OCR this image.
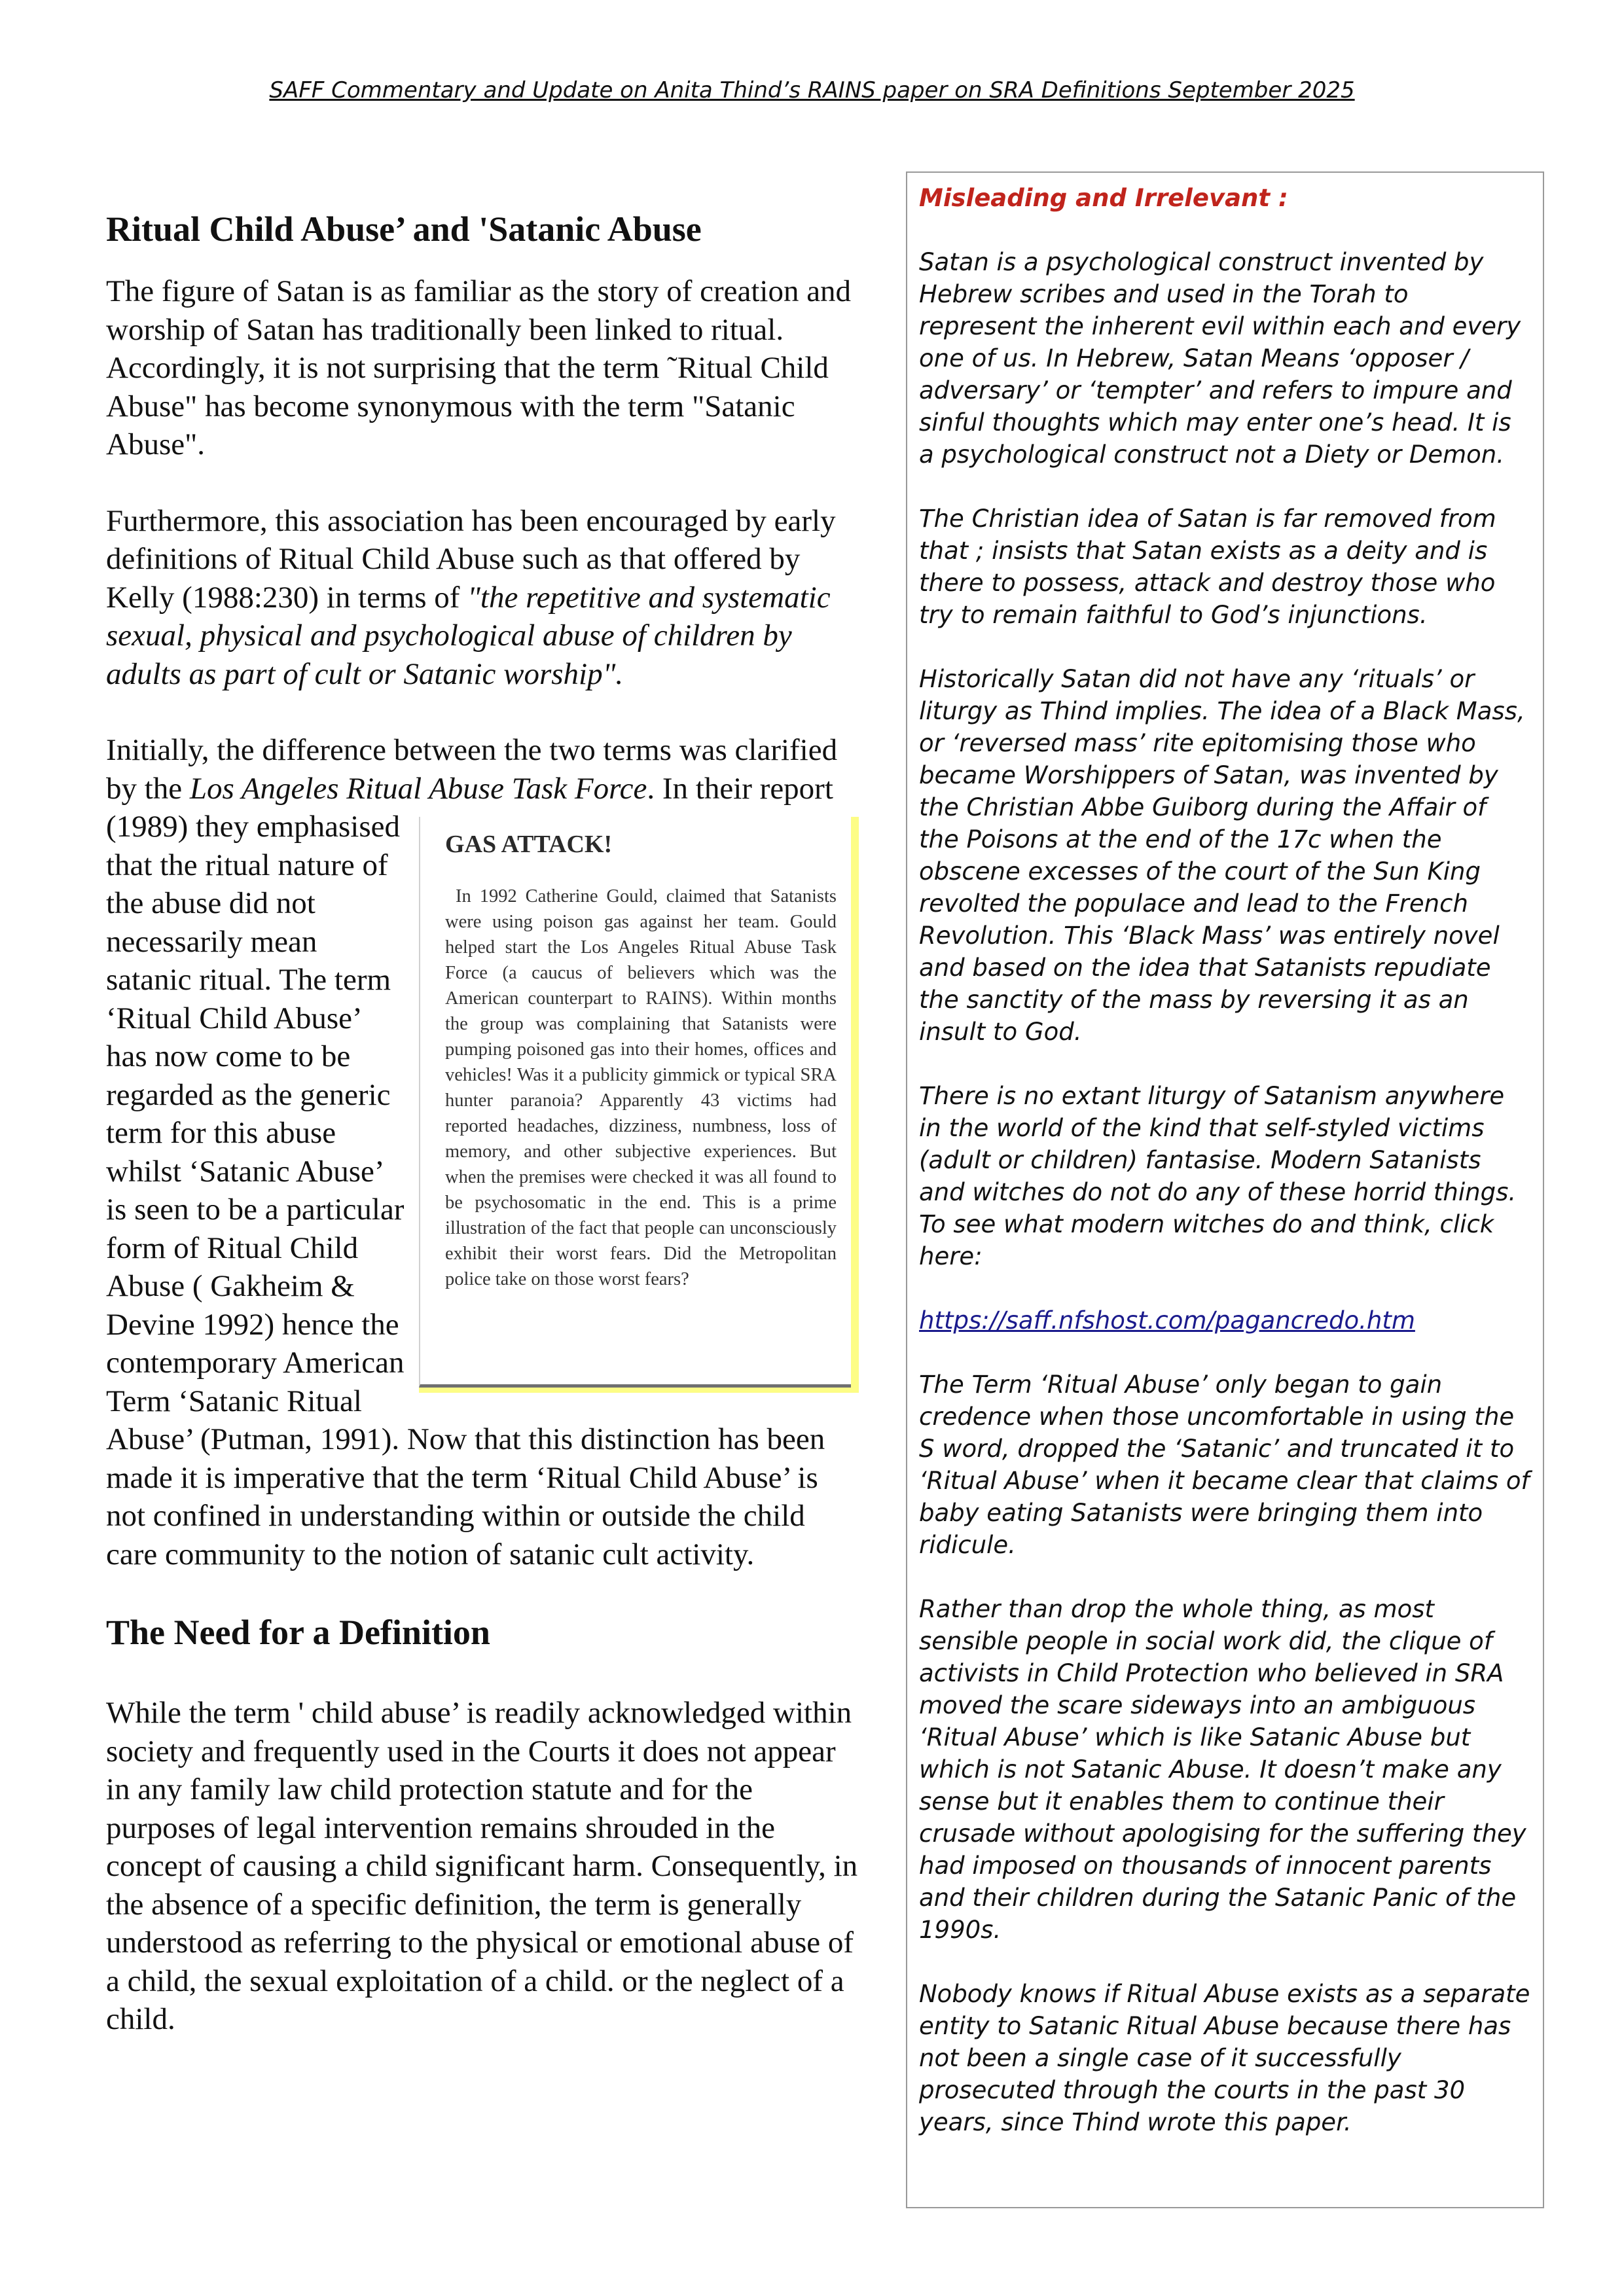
SAFF Commentary and Update on Anita Thind’s RAINS paper on SRA Definitions September 2025
Ritual Child Abuse’ and 'Satanic Abuse

The figure of Satan is as familiar as the story of creation and worship of Satan has traditionally been linked to ritual. Accordingly, it is not surprising that the term ˜Ritual Child Abuse" has become synonymous with the term "Satanic Abuse".

Furthermore, this association has been encouraged by early definitions of Ritual Child Abuse such as that offered by Kelly (1988:230) in terms of "the repetitive and systematic sexual, physical and psychological abuse of children by adults as part of cult or Satanic worship".

Initially, the difference between the two terms was clarified by the Los Angeles Ritual Abuse Task Force
GAS ATTACK!

In 1992 Catherine Gould, claimed that Satanists were using poison gas against her team. Gould helped start the Los Angeles Ritual Abuse Task Force (a caucus of believers which was the American counterpart to RAINS). Within months the group was complaining that Satanists were pumping poisoned gas into their homes, offices and vehicles! Was it a publicity gimmick or typical SRA hunter paranoia? Apparently 43 victims had reported headaches, dizziness, numbness, loss of memory, and other subjective experiences. But when the premises were checked it was all found to be psychosomatic in the end. This is a prime illustration of the fact that people can unconsciously exhibit their worst fears. Did the Metropolitan police take on those worst fears?

. In their report (1989) they emphasised that the ritual nature of the abuse did not necessarily mean satanic ritual. The term ‘Ritual Child Abuse’ has now come to be regarded as the generic term for this abuse whilst ‘Satanic Abuse’ is seen to be a particular form of Ritual Child Abuse ( Gakheim & Devine 1992) hence the contemporary American Term ‘Satanic Ritual Abuse’ (Putman, 1991). Now that this distinction has been made it is imperative that the term ‘Ritual Child Abuse’ is not confined in understanding within or outside the child care community to the notion of satanic cult activity.

The Need for a Definition

While the term ' child abuse’ is readily acknowledged within society and frequently used in the Courts it does not appear in any family law child protection statute and for the purposes of legal intervention remains shrouded in the concept of causing a child significant harm. Consequently, in the absence of a specific definition, the term is generally understood as referring to the physical or emotional abuse of a child, the sexual exploitation of a child. or the neglect of a child.

Misleading and Irrelevant :

Satan is a psychological construct invented by Hebrew scribes and used in the Torah to represent the inherent evil within each and every one of us. In Hebrew, Satan Means ‘opposer / adversary’ or ‘tempter’ and refers to impure and sinful thoughts which may enter one’s head. It is a psychological construct not a Diety or Demon.

The Christian idea of Satan is far removed from that ; insists that Satan exists as a deity and is there to possess, attack and destroy those who try to remain faithful to God’s injunctions.

Historically Satan did not have any ‘rituals’ or liturgy as Thind implies. The idea of a Black Mass, or ‘reversed mass’ rite epitomising those who became Worshippers of Satan, was invented by the Christian Abbe Guiborg during the Affair of the Poisons at the end of the 17c when the obscene excesses of the court of the Sun King revolted the populace and lead to the French Revolution. This ‘Black Mass’ was entirely novel and based on the idea that Satanists repudiate the sanctity of the mass by reversing it as an insult to God.

There is no extant liturgy of Satanism anywhere in the world of the kind that self-styled victims (adult or children) fantasise. Modern Satanists and witches do not do any of these horrid things. To see what modern witches do and think, click here:

https://saff.nfshost.com/pagancredo.htm

The Term ‘Ritual Abuse’ only began to gain credence when those uncomfortable in using the S word, dropped the ‘Satanic’ and truncated it to ‘Ritual Abuse’ when it became clear that claims of baby eating Satanists were bringing them into ridicule.

Rather than drop the whole thing, as most sensible people in social work did, the clique of activists in Child Protection who believed in SRA moved the scare sideways into an ambiguous ‘Ritual Abuse’ which is like Satanic Abuse but which is not Satanic Abuse. It doesn’t make any sense but it enables them to continue their crusade without apologising for the suffering they had imposed on thousands of innocent parents and their children during the Satanic Panic of the 1990s.

Nobody knows if Ritual Abuse exists as a separate entity to Satanic Ritual Abuse because there has not been a single case of it successfully prosecuted through the courts in the past 30 years, since Thind wrote this paper.
